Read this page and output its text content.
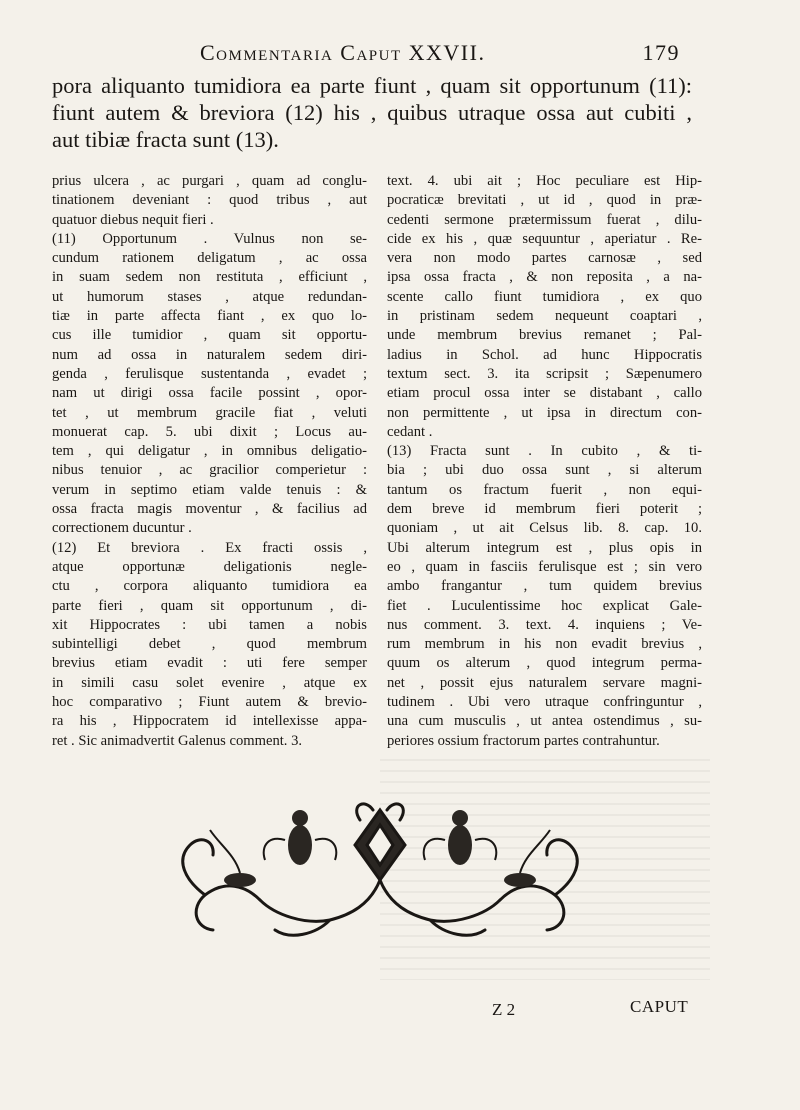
Commentaria Caput XXVII.	179

pora aliquanto tumidiora ea parte fiunt , quam sit opportunum (11):

fiunt autem & breviora (12) his , quibus utraque ossa aut cubiti ,

aut tibiæ fracta sunt (13).

prius ulcera , ac purgari , quam ad conglu-
tinationem deveniant : quod tribus , aut
quatuor diebus nequit fieri .
(11) Opportunum . Vulnus non se-
cundum rationem deligatum , ac ossa
in suam sedem non restituta , efficiunt ,
ut humorum stases , atque redundan-
tiæ in parte affecta fiant , ex quo lo-
cus ille tumidior , quam sit opportu-
num ad ossa in naturalem sedem diri-
genda , ferulisque sustentanda , evadet ;
nam ut dirigi ossa facile possint , opor-
tet , ut membrum gracile fiat , veluti
monuerat cap. 5. ubi dixit ; Locus au-
tem , qui deligatur , in omnibus deligatio-
nibus tenuior , ac gracilior comperietur :
verum in septimo etiam valde tenuis : &
ossa fracta magis moventur , & facilius ad
correctionem ducuntur .
(12) Et breviora . Ex fracti ossis ,
atque opportunæ deligationis negle-
ctu , corpora aliquanto tumidiora ea
parte fieri , quam sit opportunum , di-
xit Hippocrates : ubi tamen a nobis
subintelligi debet , quod membrum
brevius etiam evadit : uti fere semper
in simili casu solet evenire , atque ex
hoc comparativo ; Fiunt autem & brevio-
ra his , Hippocratem id intellexisse appa-
ret . Sic animadvertit Galenus comment. 3.
text. 4. ubi ait ; Hoc peculiare est Hip-
pocraticæ brevitati , ut id , quod in præ-
cedenti sermone prætermissum fuerat , dilu-
cide ex his , quæ sequuntur , aperiatur . Re-
vera non modo partes carnosæ , sed
ipsa ossa fracta , & non reposita , a na-
scente callo fiunt tumidiora , ex quo
in pristinam sedem nequeunt coaptari ,
unde membrum brevius remanet ; Pal-
ladius in Schol. ad hunc Hippocratis
textum sect. 3. ita scripsit ; Sæpenumero
etiam procul ossa inter se distabant , callo
non permittente , ut ipsa in directum con-
cedant .
(13) Fracta sunt . In cubito , & ti-
bia ; ubi duo ossa sunt , si alterum
tantum os fractum fuerit , non equi-
dem breve id membrum fieri poterit ;
quoniam , ut ait Celsus lib. 8. cap. 10.
Ubi alterum integrum est , plus opis in
eo , quam in fasciis ferulisque est ; sin vero
ambo frangantur , tum quidem brevius
fiet . Luculentissime hoc explicat Gale-
nus comment. 3. text. 4. inquiens ; Ve-
rum membrum in his non evadit brevius ,
quum os alterum , quod integrum perma-
net , possit ejus naturalem servare magni-
tudinem . Ubi vero utraque confringuntur ,
una cum musculis , ut antea ostendimus , su-
periores ossium fractorum partes contrahuntur.
Z 2	CAPUT
